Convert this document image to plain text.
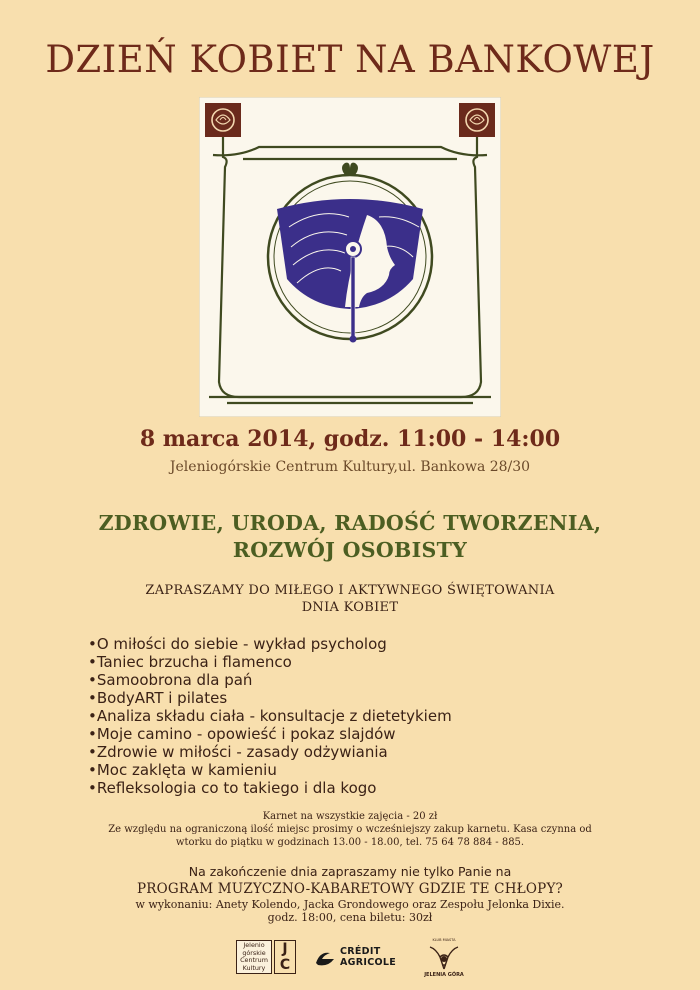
DZIEŃ KOBIET NA BANKOWEJ
8 marca 2014, godz. 11:00 - 14:00
Jeleniogórskie Centrum Kultury,ul. Bankowa 28/30
ZDROWIE, URODA, RADOŚĆ TWORZENIA,
ROZWÓJ OSOBISTY
ZAPRASZAMY DO MIŁEGO I AKTYWNEGO ŚWIĘTOWANIA
DNIA KOBIET
• O miłości do siebie - wykład psycholog
• Taniec brzucha i flamenco
• Samoobrona dla pań
• BodyART i pilates
• Analiza składu ciała - konsultacje z dietetykiem
• Moje camino - opowieść i pokaz slajdów
• Zdrowie w miłości - zasady odżywiania
• Moc zaklęta w kamieniu
• Refleksologia co to takiego i dla kogo
Karnet na wszystkie zajęcia - 20 zł
Ze względu na ograniczoną ilość miejsc prosimy o wcześniejszy zakup karnetu. Kasa czynna od
wtorku do piątku w godzinach 13.00 - 18.00, tel. 75 64 78 884 - 885.
Na zakończenie dnia zapraszamy nie tylko Panie na
PROGRAM MUZYCZNO-KABARETOWY GDZIE TE CHŁOPY?
w wykonaniu: Anety Kolendo, Jacka Grondowego oraz Zespołu Jelonka Dixie.
godz. 18:00, cena biletu: 30zł
Jelenio
górskie
Centrum
Kultury
J
C
CRÉDIT
AGRICOLE
KLUB MIASTA
JELENIA GÓRA
